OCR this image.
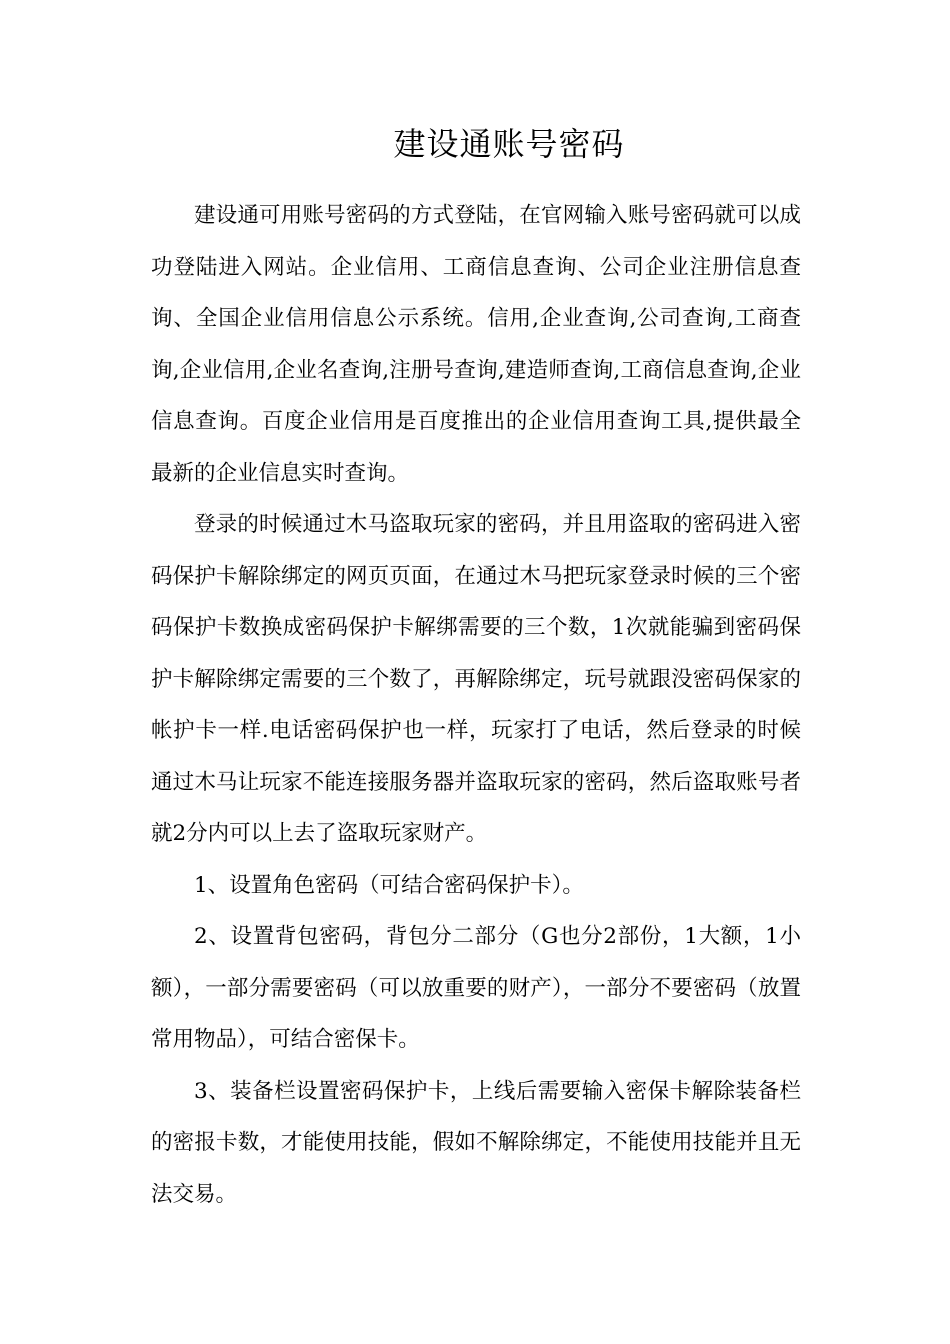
建设通账号密码

建设通可用账号密码的方式登陆，在官网输入账号密码就可以成功登陆进入网站。企业信用、工商信息查询、公司企业注册信息查询、全国企业信用信息公示系统。信用,企业查询,公司查询,工商查询,企业信用,企业名查询,注册号查询,建造师查询,工商信息查询,企业信息查询。百度企业信用是百度推出的企业信用查询工具,提供最全最新的企业信息实时查询。

登录的时候通过木马盗取玩家的密码，并且用盗取的密码进入密码保护卡解除绑定的网页页面，在通过木马把玩家登录时候的三个密码保护卡数换成密码保护卡解绑需要的三个数，1次就能骗到密码保护卡解除绑定需要的三个数了，再解除绑定，玩号就跟没密码保家的帐护卡一样.电话密码保护也一样，玩家打了电话，然后登录的时候通过木马让玩家不能连接服务器并盗取玩家的密码，然后盗取账号者就2分内可以上去了盗取玩家财产。

1、设置角色密码（可结合密码保护卡）。

2、设置背包密码，背包分二部分（G也分2部份，1大额，1小额），一部分需要密码（可以放重要的财产），一部分不要密码（放置常用物品），可结合密保卡。

3、装备栏设置密码保护卡，上线后需要输入密保卡解除装备栏的密报卡数，才能使用技能，假如不解除绑定，不能使用技能并且无法交易。
